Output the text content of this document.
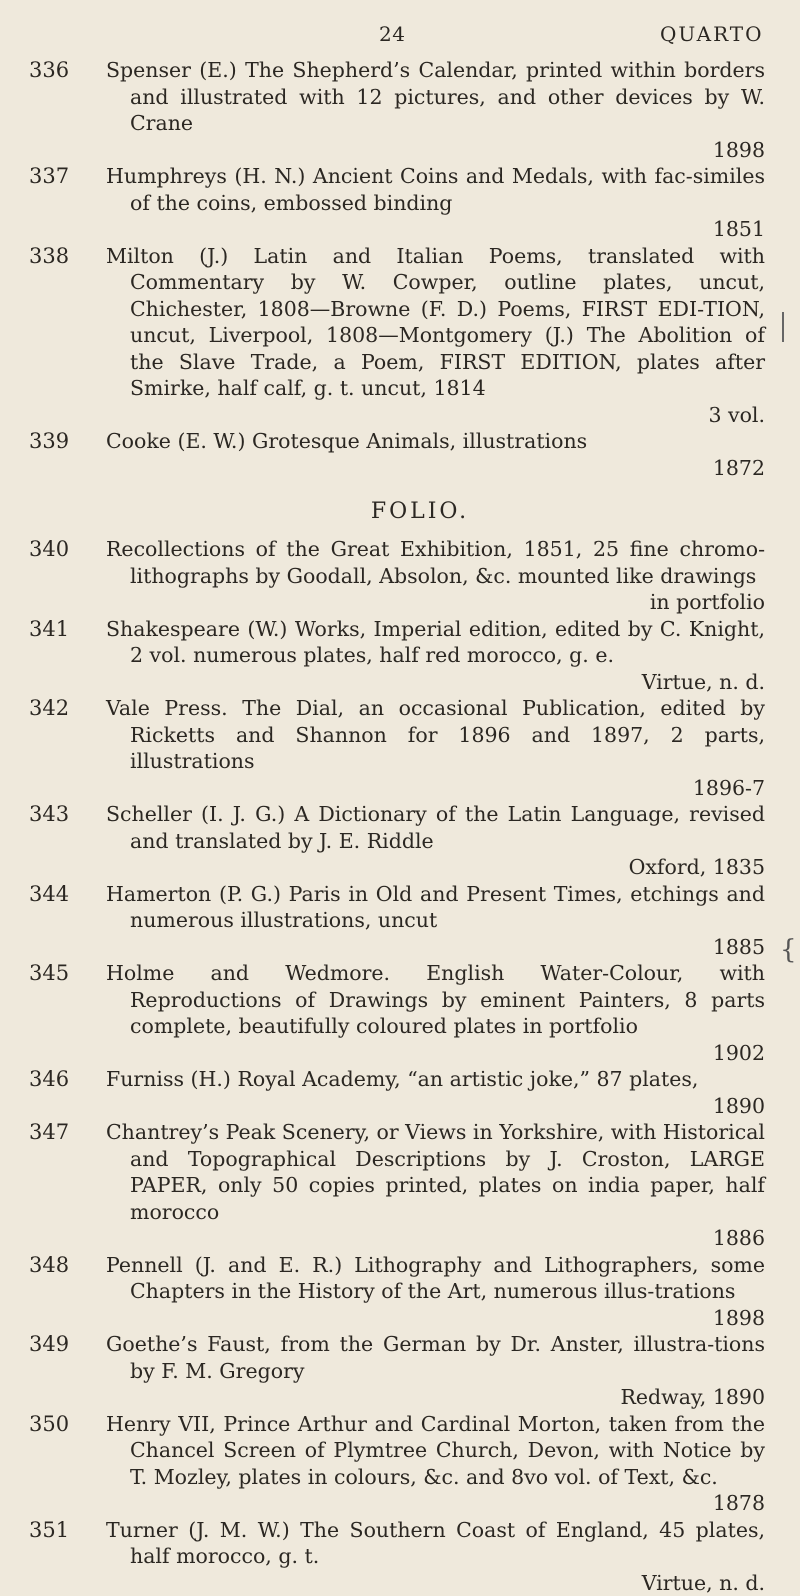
24	QUARTO
336 Spenser (E.) The Shepherd’s Calendar, printed within borders and illustrated with 12 pictures, and other devices by W. Crane
1898
337 Humphreys (H. N.) Ancient Coins and Medals, with fac-similes of the coins, embossed binding
1851
338 Milton (J.) Latin and Italian Poems, translated with Commentary by W. Cowper, outline plates, uncut, Chichester, 1808—Browne (F. D.) Poems, FIRST EDI-TION, uncut, Liverpool, 1808—Montgomery (J.) The Abolition of the Slave Trade, a Poem, FIRST EDITION, plates after Smirke, half calf, g. t. uncut, 1814
3 vol.
339 Cooke (E. W.) Grotesque Animals, illustrations
1872
FOLIO.
340 Recollections of the Great Exhibition, 1851, 25 fine chromo-lithographs by Goodall, Absolon, &c. mounted like drawings
in portfolio
341 Shakespeare (W.) Works, Imperial edition, edited by C. Knight, 2 vol. numerous plates, half red morocco, g. e.
Virtue, n. d.
342 Vale Press. The Dial, an occasional Publication, edited by Ricketts and Shannon for 1896 and 1897, 2 parts, illustrations
1896-7
343 Scheller (I. J. G.) A Dictionary of the Latin Language, revised and translated by J. E. Riddle
Oxford, 1835
344 Hamerton (P. G.) Paris in Old and Present Times, etchings and numerous illustrations, uncut
1885
345 Holme and Wedmore. English Water-Colour, with Reproductions of Drawings by eminent Painters, 8 parts complete, beautifully coloured plates in portfolio
1902
346 Furniss (H.) Royal Academy, “an artistic joke,” 87 plates,
1890
347 Chantrey’s Peak Scenery, or Views in Yorkshire, with Historical and Topographical Descriptions by J. Croston, LARGE PAPER, only 50 copies printed, plates on india paper, half morocco
1886
348 Pennell (J. and E. R.) Lithography and Lithographers, some Chapters in the History of the Art, numerous illus-trations
1898
349 Goethe’s Faust, from the German by Dr. Anster, illustra-tions by F. M. Gregory
Redway, 1890
350 Henry VII, Prince Arthur and Cardinal Morton, taken from the Chancel Screen of Plymtree Church, Devon, with Notice by T. Mozley, plates in colours, &c. and 8vo vol. of Text, &c.
1878
351 Turner (J. M. W.) The Southern Coast of England, 45 plates, half morocco, g. t.
Virtue, n. d.
{
